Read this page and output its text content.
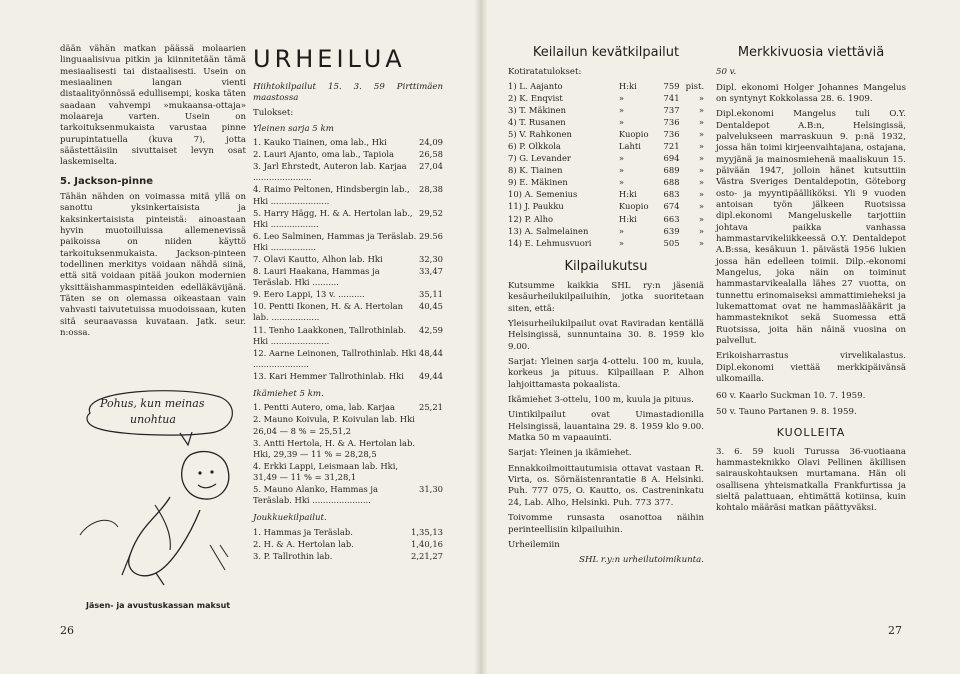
dään vähän matkan päässä molaarien linguaalisivua pitkin ja kiinnitetään tämä mesiaalisesti tai distaalisesti. Usein on mesiaalinen langan vienti distaalityönnössä edullisempi, koska täten saadaan vahvempi »mukaansa-ottaja» molaareja varten. Usein on tarkoituksenmukaista varustaa pinne purupintatuella (kuva 7), jotta säästettäisiin sivuttaiset levyn osat laskemiselta.

5. Jackson-pinne

Tähän nähden on voimassa mitä yllä on sanottu yksinkertaisista ja kaksinkertaisista pinteistä: ainoastaan hyvin muotoilluissa allemenevissä paikoissa on niiden käyttö tarkoituksenmukaista. Jackson-pinteen todellinen merkitys voidaan nähdä siinä, että sitä voidaan pitää joukon modernien yksittäishammaspinteiden edelläkävijänä. Täten se on olemassa oikeastaan vain vahvasti taivutetuissa muodoissaan, kuten sitä seuraavassa kuvataan. Jatk. seur. n:ossa.

Pohus, kun meinas
unohtua
Jäsen- ja avustuskassan maksut
26
URHEILUA

Hiihtokilpailut 15. 3. 59 Pirttimäen maastossa

Tulokset:

Yleinen sarja 5 km

1. Kauko Tiainen, oma lab., Hki	24,09
2. Lauri Ajanto, oma lab., Tapiola	26,58
3. Jarl Ehrstedt, Auteron lab. Karjaa ......................	27,04
4. Raimo Peltonen, Hindsbergin lab., Hki ......................	28,38
5. Harry Hägg, H. & A. Hertolan lab., Hki ..................	29,52
6. Leo Salminen, Hammas ja Teräslab. Hki .................	29.56
7. Olavi Kautto, Alhon lab. Hki	32,30
8. Lauri Haakana, Hammas ja Teräslab. Hki ..........	33,47
9. Eero Lappi, 13 v. ..........	35,11
10. Pentti Ikonen, H. & A. Hertolan lab. ..................	40,45
11. Tenho Laakkonen, Tallrothinlab. Hki ......................	42,59
12. Aarne Leinonen, Tallrothinlab. Hki .....................	48,44
13. Kari Hemmer Tallrothinlab. Hki	49,44

Ikämiehet 5 km.

1. Pentti Autero, oma, lab. Karjaa	25,21
2. Mauno Koivula, P. Koivulan lab. Hki 26,04 — 8 % = 25,51,2	
3. Antti Hertola, H. & A. Hertolan lab. Hki, 29,39 — 11 % = 28,28,5	
4. Erkki Lappi, Leismaan lab. Hki, 31,49 — 11 % = 31,28,1	
5. Mauno Alanko, Hammas ja Teräslab. Hki ......................	31,30

Joukkuekilpailut.

1. Hammas ja Teräslab.	1,35,13
2. H. & A. Hertolan lab.	1,40,16
3. P. Tallrothin lab.	2,21,27
Keilailun kevätkilpailut

Kotiratatulokset:

1) L. Aajanto	H:ki	759	pist.
2) K. Enqvist	»	741	»
3) T. Mäkinen	»	737	»
4) T. Rusanen	»	736	»
5) V. Rahkonen	Kuopio	736	»
6) P. Olkkola	Lahti	721	»
7) G. Levander	»	694	»
8) K. Tiainen	»	689	»
9) E. Mäkinen	»	688	»
10) A. Semenius	H:ki	683	»
11) J. Paukku	Kuopio	674	»
12) P. Alho	H:ki	663	»
13) A. Salmelainen	»	639	»
14) E. Lehmusvuori	»	505	»
Kilpailukutsu

Kutsumme kaikkia SHL ry:n jäseniä kesäurheilukilpailuihin, jotka suoritetaan siten, että:

Yleisurheilukilpailut ovat Raviradan kentällä Helsingissä, sunnuntaina 30. 8. 1959 klo 9.00.

Sarjat: Yleinen sarja 4-ottelu. 100 m, kuula, korkeus ja pituus. Kilpaillaan P. Alhon lahjoittamasta pokaalista.

Ikämiehet 3-ottelu, 100 m, kuula ja pituus.

Uintikilpailut ovat Uimastadionilla Helsingissä, lauantaina 29. 8. 1959 klo 9.00. Matka 50 m vapaauinti.

Sarjat: Yleinen ja ikämiehet.

Ennakkoilmoittautumisia ottavat vastaan R. Virta, os. Sörnäistenrantatie 8 A. Helsinki. Puh. 777 075, O. Kautto, os. Castreninkatu 24, Lab. Alho, Helsinki. Puh. 773 377.

Toivomme runsasta osanottoa näihin perinteellisiin kilpailuihin.

Urheilemiin

SHL r.y:n urheilutoimikunta.

Merkkivuosia viettäviä

50 v.

Dipl. ekonomi Holger Johannes Mangelus on syntynyt Kokkolassa 28. 6. 1909.

Dipl.ekonomi Mangelus tuli O.Y. Dentaldepot A.B:n, Helsingissä, palvelukseen marraskuun 9. p:nä 1932, jossa hän toimi kirjeenvaihtajana, ostajana, myyjänä ja mainosmiehenä maaliskuun 15. päivään 1947, jolloin hänet kutsuttiin Västra Sveriges Dentaldepotin, Göteborg osto- ja myyntipäälliköksi. Yli 9 vuoden antoisan työn jälkeen Ruotsissa dipl.ekonomi Mangeluskelle tarjottiin johtava paikka vanhassa hammastarvikeliikkeessä O.Y. Dentaldepot A.B:ssa, kesäkuun 1. päivästä 1956 lukien jossa hän edelleen toimii. Dilp.-ekonomi Mangelus, joka näin on toiminut hammastarvikealalla lähes 27 vuotta, on tunnettu erinomaiseksi ammattimieheksi ja lukemattomat ovat ne hammaslääkärit ja hammasteknikot sekä Suomessa että Ruotsissa, joita hän näinä vuosina on palvellut.

Erikoisharrastus virvelikalastus. Dipl.ekonomi viettää merkkipäivänsä ulkomailla.

60 v. Kaarlo Suckman 10. 7. 1959.

50 v. Tauno Partanen 9. 8. 1959.

KUOLLEITA

3. 6. 59 kuoli Turussa 36-vuotiaana hammasteknikko Olavi Pellinen äkillisen sairauskohtauksen murtamana. Hän oli osallisena yhteismatkalla Frankfurtissa ja sieltä palattuaan, ehtimättä kotiinsa, kuin kohtalo määräsi matkan päättyväksi.

27
